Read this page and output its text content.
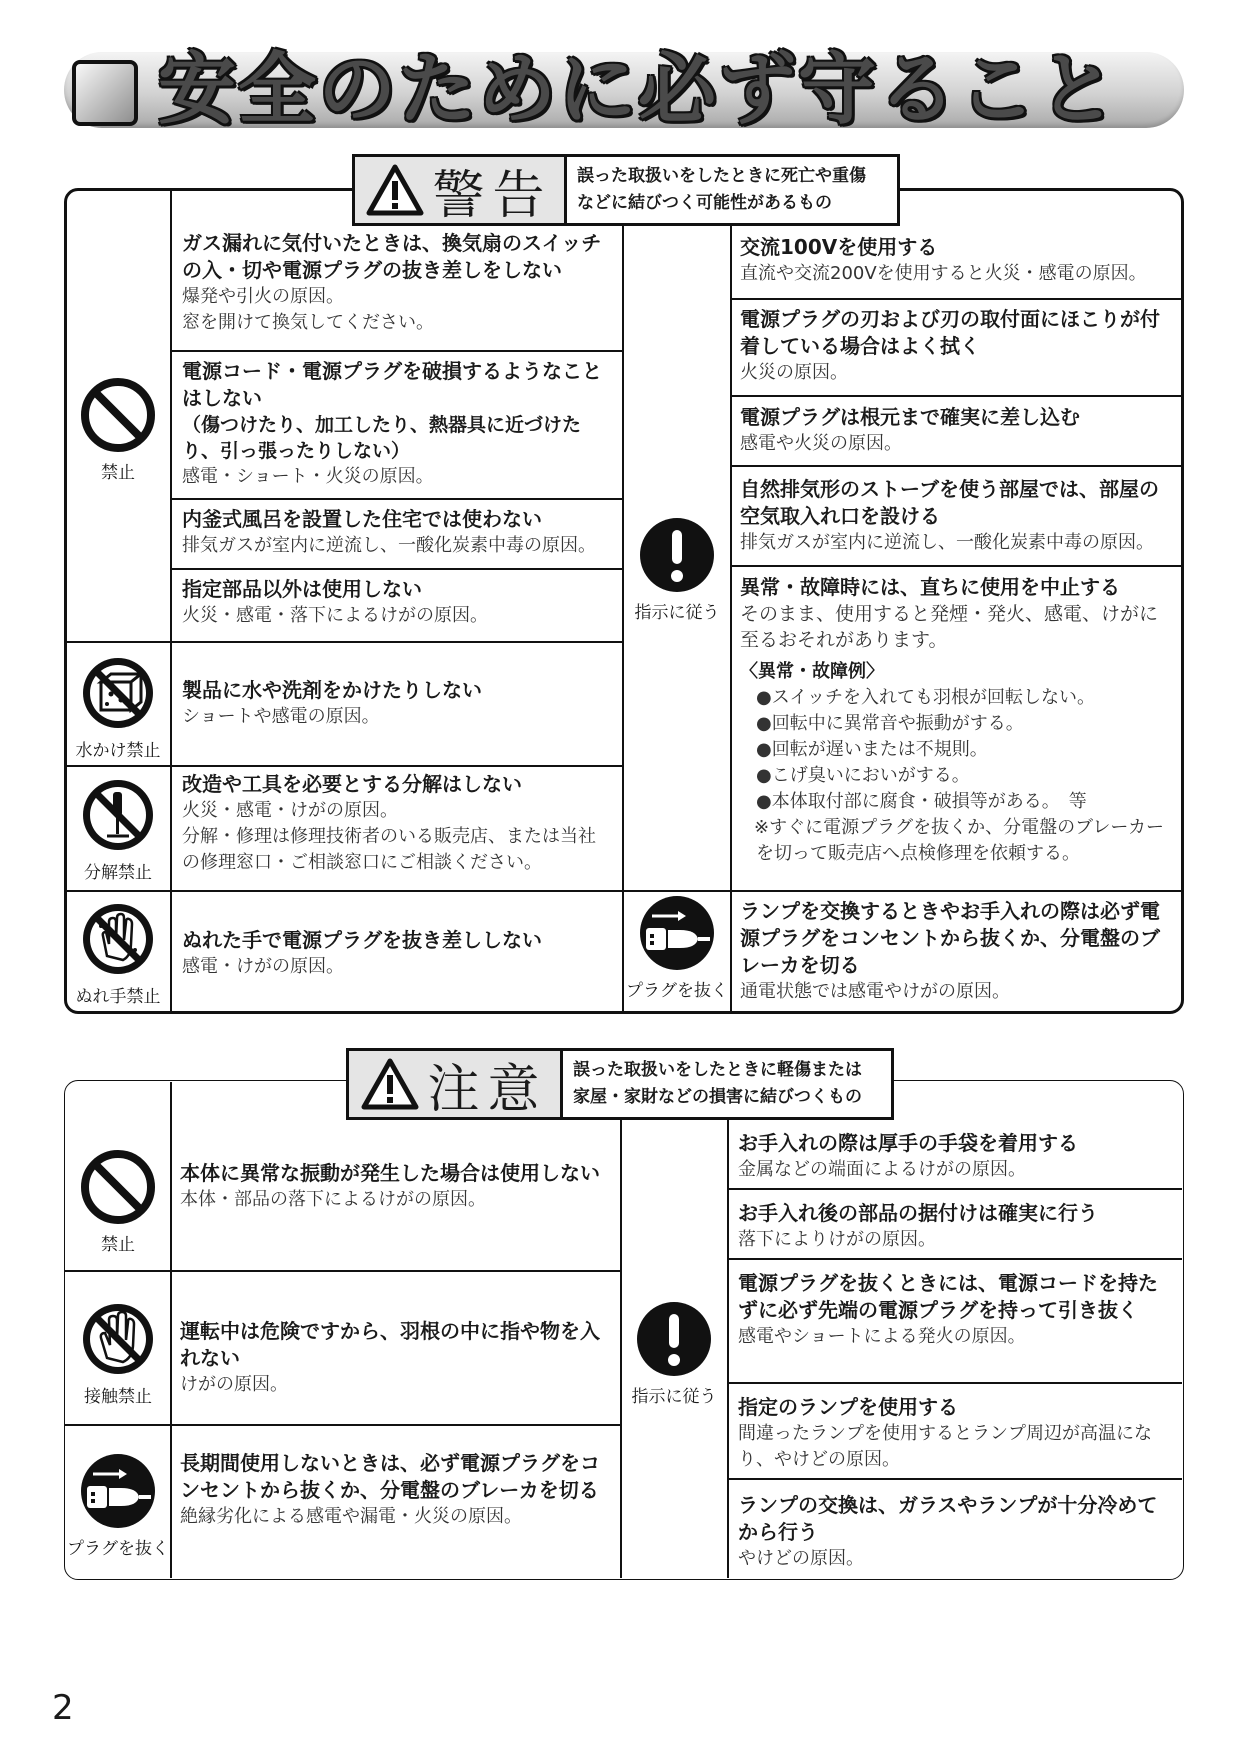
安全のために必ず守ること
警告 誤った取扱いをしたときに死亡や重傷
などに結びつく可能性があるもの
禁止
水かけ禁止
分解禁止
ぬれ手禁止
指示に従う
プラグを抜く
ガス漏れに気付いたときは、換気扇のスイッチの入・切や電源プラグの抜き差しをしない
爆発や引火の原因。
窓を開けて換気してください。
電源コード・電源プラグを破損するようなことはしない
（傷つけたり、加工したり、熱器具に近づけたり、引っ張ったりしない）
感電・ショート・火災の原因。
内釜式風呂を設置した住宅では使わない
排気ガスが室内に逆流し、一酸化炭素中毒の原因。
指定部品以外は使用しない
火災・感電・落下によるけがの原因。
製品に水や洗剤をかけたりしない
ショートや感電の原因。
改造や工具を必要とする分解はしない
火災・感電・けがの原因。
分解・修理は修理技術者のいる販売店、または当社の修理窓口・ご相談窓口にご相談ください。
ぬれた手で電源プラグを抜き差ししない
感電・けがの原因。
交流100Vを使用する
直流や交流200Vを使用すると火災・感電の原因。
電源プラグの刃および刃の取付面にほこりが付着している場合はよく拭く
火災の原因。
電源プラグは根元まで確実に差し込む
感電や火災の原因。
自然排気形のストーブを使う部屋では、部屋の空気取入れ口を設ける
排気ガスが室内に逆流し、一酸化炭素中毒の原因。
異常・故障時には、直ちに使用を中止する
そのまま、使用すると発煙・発火、感電、けがに至るおそれがあります。
〈異常・故障例〉
●スイッチを入れても羽根が回転しない。
●回転中に異常音や振動がする。
●回転が遅いまたは不規則。
●こげ臭いにおいがする。
●本体取付部に腐食・破損等がある。　等
※すぐに電源プラグを抜くか、分電盤のブレーカーを切って販売店へ点検修理を依頼する。
ランプを交換するときやお手入れの際は必ず電源プラグをコンセントから抜くか、分電盤のブレーカを切る
通電状態では感電やけがの原因。
注意 誤った取扱いをしたときに軽傷または
家屋・家財などの損害に結びつくもの
禁止
接触禁止
プラグを抜く
指示に従う
本体に異常な振動が発生した場合は使用しない
本体・部品の落下によるけがの原因。
運転中は危険ですから、羽根の中に指や物を入れない
けがの原因。
長期間使用しないときは、必ず電源プラグをコンセントから抜くか、分電盤のブレーカを切る
絶縁劣化による感電や漏電・火災の原因。
お手入れの際は厚手の手袋を着用する
金属などの端面によるけがの原因。
お手入れ後の部品の据付けは確実に行う
落下によりけがの原因。
電源プラグを抜くときには、電源コードを持たずに必ず先端の電源プラグを持って引き抜く
感電やショートによる発火の原因。
指定のランプを使用する
間違ったランプを使用するとランプ周辺が高温になり、やけどの原因。
ランプの交換は、ガラスやランプが十分冷めてから行う
やけどの原因。
2
